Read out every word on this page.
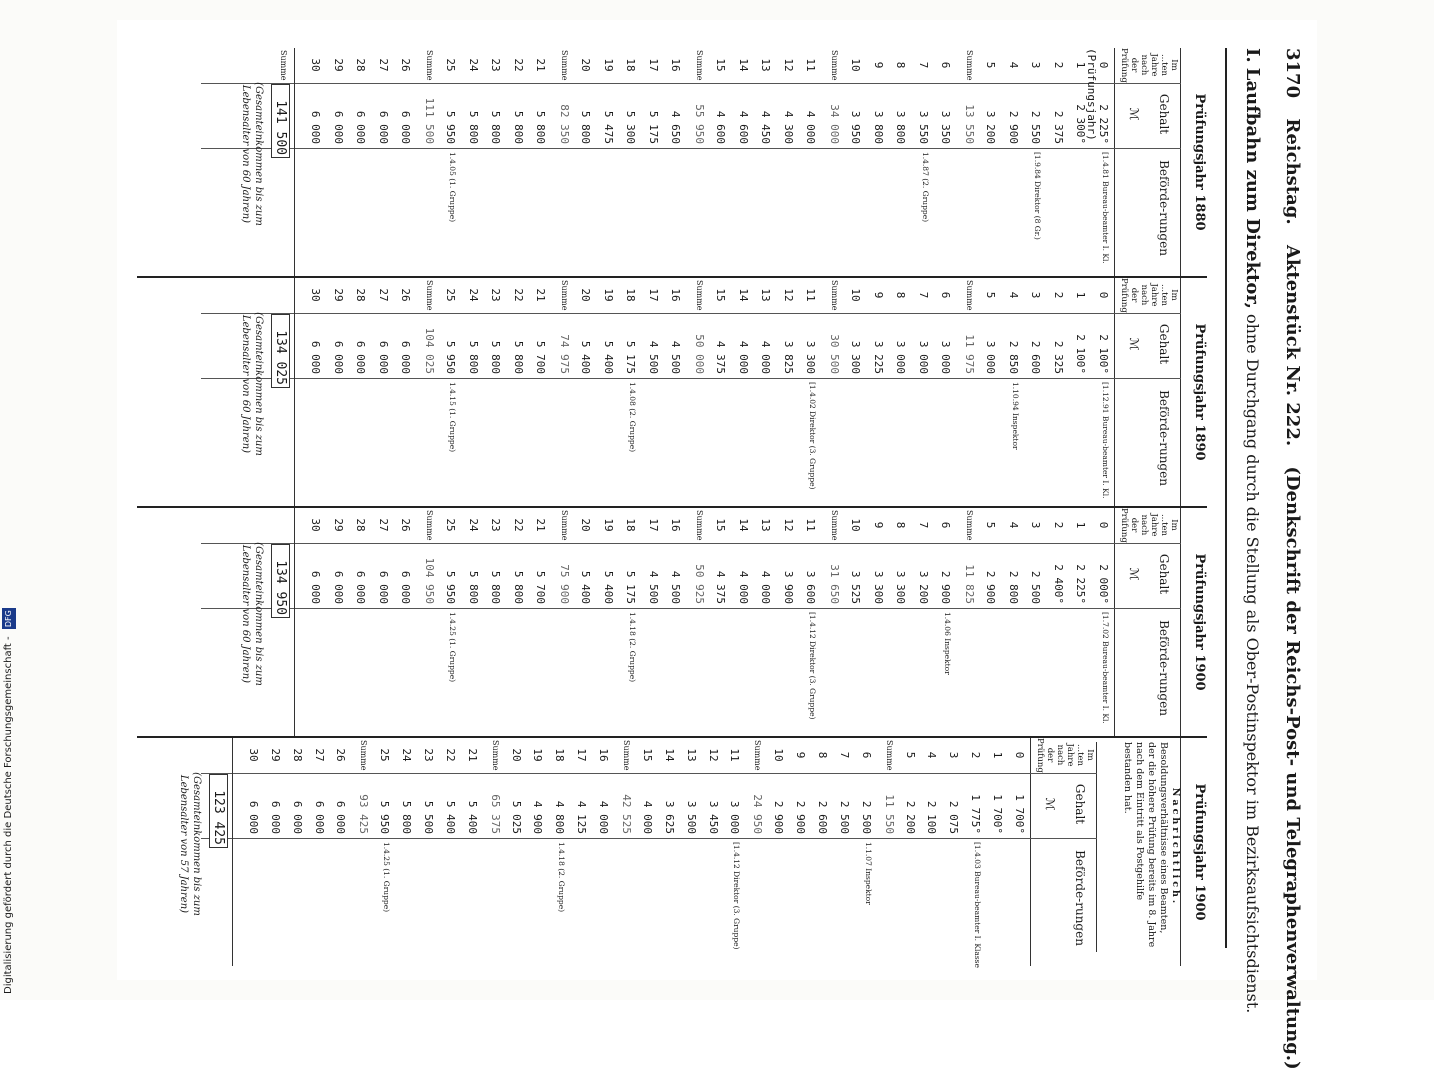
3170 Reichstag. Aktenstück Nr. 222. (Denkschrift der Reichs-Post- und Telegraphenverwaltung.)
I. Laufbahn zum Direktor, ohne Durchgang durch die Stellung als Ober-Postinspektor im Bezirksaufsichtsdienst.
Prüfungsjahr 1880
Im ...ten Jahre nach der Prüfung
Gehalt
ℳ
Beförde-rungen
0 (Prüfungsjahr) 2 225°
[1.4.81 Bureau-beamter I. Kl.
1
2 300°
2
2 375
3
2 550
[1.9.84 Direktor (8 Gr.)
4
2 900
5
3 200
Summe
13 550
6
3 350
7
3 550
1.4.87 (2. Gruppe)
8
3 800
9
3 800
10
3 950
Summe
34 000
11
4 000
12
4 300
13
4 450
14
4 600
15
4 600
Summe
55 950
16
4 650
17
5 175
18
5 300
19
5 475
20
5 800
Summe
82 350
21
5 800
22
5 800
23
5 800
24
5 800
25
5 950
1.4.05 (1. Gruppe)
Summe
111 500
26
6 000
27
6 000
28
6 000
29
6 000
30
6 000
Summe
141 500
(Gesamteinkommen bis zum Lebensalter von 60 Jahren)
Prüfungsjahr 1890
Im ...ten Jahre nach der Prüfung
Gehalt
ℳ
Beförde-rungen
0
2 100°
[1.12.91 Bureau-beamter I. Kl.
1
2 100°
2
2 325
3
2 600
4
2 850
1.10.94 Inspektor
5
3 000
Summe
11 975
6
3 000
7
3 000
8
3 000
9
3 225
10
3 300
Summe
30 500
11
3 300
[1.4.02 Direktor (3. Gruppe)
12
3 825
13
4 000
14
4 000
15
4 375
Summe
50 000
16
4 500
17
4 500
18
5 175
1.4.08 (2. Gruppe)
19
5 400
20
5 400
Summe
74 975
21
5 700
22
5 800
23
5 800
24
5 800
25
5 950
1.4.15 (1. Gruppe)
Summe
104 025
26
6 000
27
6 000
28
6 000
29
6 000
30
6 000
134 025
(Gesamteinkommen bis zum Lebensalter von 60 Jahren)
Prüfungsjahr 1900
Im ...ten Jahre nach der Prüfung
Gehalt
ℳ
Beförde-rungen
0
2 000°
[1.7.02 Bureau-beamter I. Kl.
1
2 225°
2
2 400°
3
2 500
4
2 800
5
2 900
Summe
11 825
6
2 900
1.4.06 Inspektor
7
3 200
8
3 300
9
3 300
10
3 525
Summe
31 650
11
3 600
[1.4.12 Direktor (3. Gruppe)
12
3 900
13
4 000
14
4 000
15
4 375
Summe
50 925
16
4 500
17
4 500
18
5 175
1.4.18 (2. Gruppe)
19
5 400
20
5 400
Summe
75 900
21
5 700
22
5 800
23
5 800
24
5 800
25
5 950
1.4.25 (1. Gruppe)
Summe
104 950
26
6 000
27
6 000
28
6 000
29
6 000
30
6 000
134 950
(Gesamteinkommen bis zum Lebensalter von 60 Jahren)
Prüfungsjahr 1900
Nachrichtlich.
Besoldungsverhältnisse eines Beamten, der die höhere Prüfung bereits im 8. Jahre nach dem Eintritt als Postgehilfe bestanden hat.
Im ...ten Jahre nach der Prüfung
Gehalt
ℳ
Beförde-rungen
0
1 700°
1
1 700°
2
1 775°
[1.4.03 Bureau-beamter I. Klasse
3
2 075
4
2 100
5
2 200
Summe
11 550
6
2 500
1.1.07 Inspektor
7
2 500
8
2 600
9
2 900
10
2 900
Summe
24 950
11
3 000
[1.4.12 Direktor (3. Gruppe)
12
3 450
13
3 500
14
3 625
15
4 000
Summe
42 525
16
4 000
17
4 125
18
4 800
1.4.18 (2. Gruppe)
19
4 900
20
5 025
Summe
65 375
21
5 400
22
5 400
23
5 500
24
5 800
25
5 950
1.4.25 (1. Gruppe)
Summe
93 425
26
6 000
27
6 000
28
6 000
29
6 000
30
6 000
123 425
(Gesamteinkommen bis zum Lebensalter von 57 Jahren)
Digitalisierung gefördert durch die Deutsche Forschungsgemeinschaft - DFG
